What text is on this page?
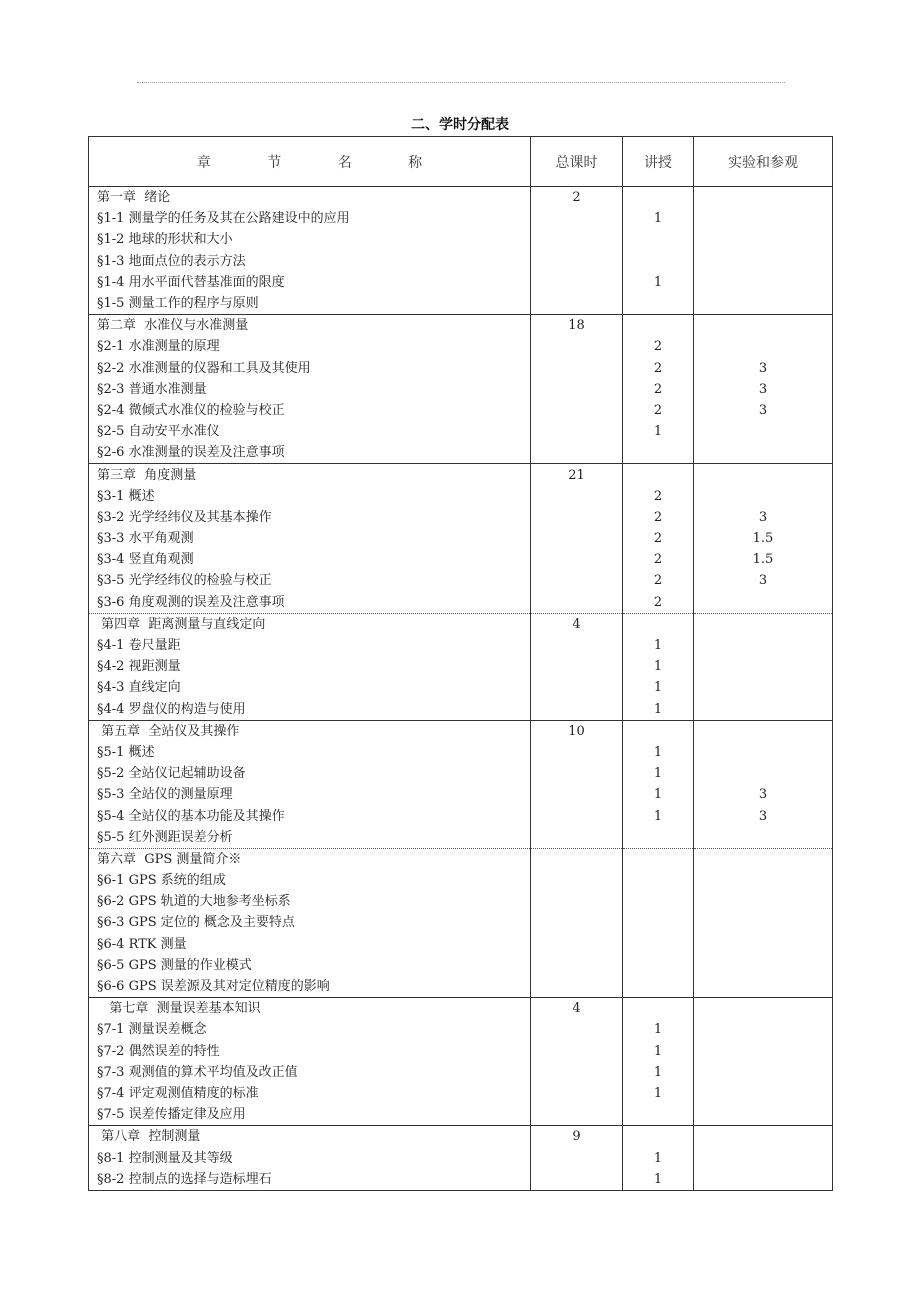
二、学时分配表
章 节 名 称	总课时	讲授	实验和参观
第一章  绪论	2		
§1-1 测量学的任务及其在公路建设中的应用		1	
§1-2 地球的形状和大小			
§1-3 地面点位的表示方法			
§1-4 用水平面代替基准面的限度		1	
§1-5 测量工作的程序与原则			
第二章  水准仪与水准测量	18		
§2-1 水准测量的原理		2	
§2-2 水准测量的仪器和工具及其使用		2	3
§2-3 普通水准测量		2	3
§2-4 微倾式水准仪的检验与校正		2	3
§2-5 自动安平水准仪		1	
§2-6 水准测量的误差及注意事项			
第三章  角度测量	21		
§3-1 概述		2	
§3-2 光学经纬仪及其基本操作		2	3
§3-3 水平角观测		2	1.5
§3-4 竖直角观测		2	1.5
§3-5 光学经纬仪的检验与校正		2	3
§3-6 角度观测的误差及注意事项		2	
第四章  距离测量与直线定向	4		
§4-1 卷尺量距		1	
§4-2 视距测量		1	
§4-3 直线定向		1	
§4-4 罗盘仪的构造与使用		1	
第五章  全站仪及其操作	10		
§5-1 概述		1	
§5-2 全站仪记起辅助设备		1	
§5-3 全站仪的测量原理		1	3
§5-4 全站仪的基本功能及其操作		1	3
§5-5 红外测距误差分析			
第六章  GPS 测量简介※			
§6-1 GPS 系统的组成			
§6-2 GPS 轨道的大地参考坐标系			
§6-3 GPS 定位的 概念及主要特点			
§6-4 RTK 测量			
§6-5 GPS 测量的作业模式			
§6-6 GPS 误差源及其对定位精度的影响			
第七章  测量误差基本知识	4		
§7-1 测量误差概念		1	
§7-2 偶然误差的特性		1	
§7-3 观测值的算术平均值及改正值		1	
§7-4 评定观测值精度的标准		1	
§7-5 误差传播定律及应用			
第八章  控制测量	9		
§8-1 控制测量及其等级		1	
§8-2 控制点的选择与造标埋石		1	
